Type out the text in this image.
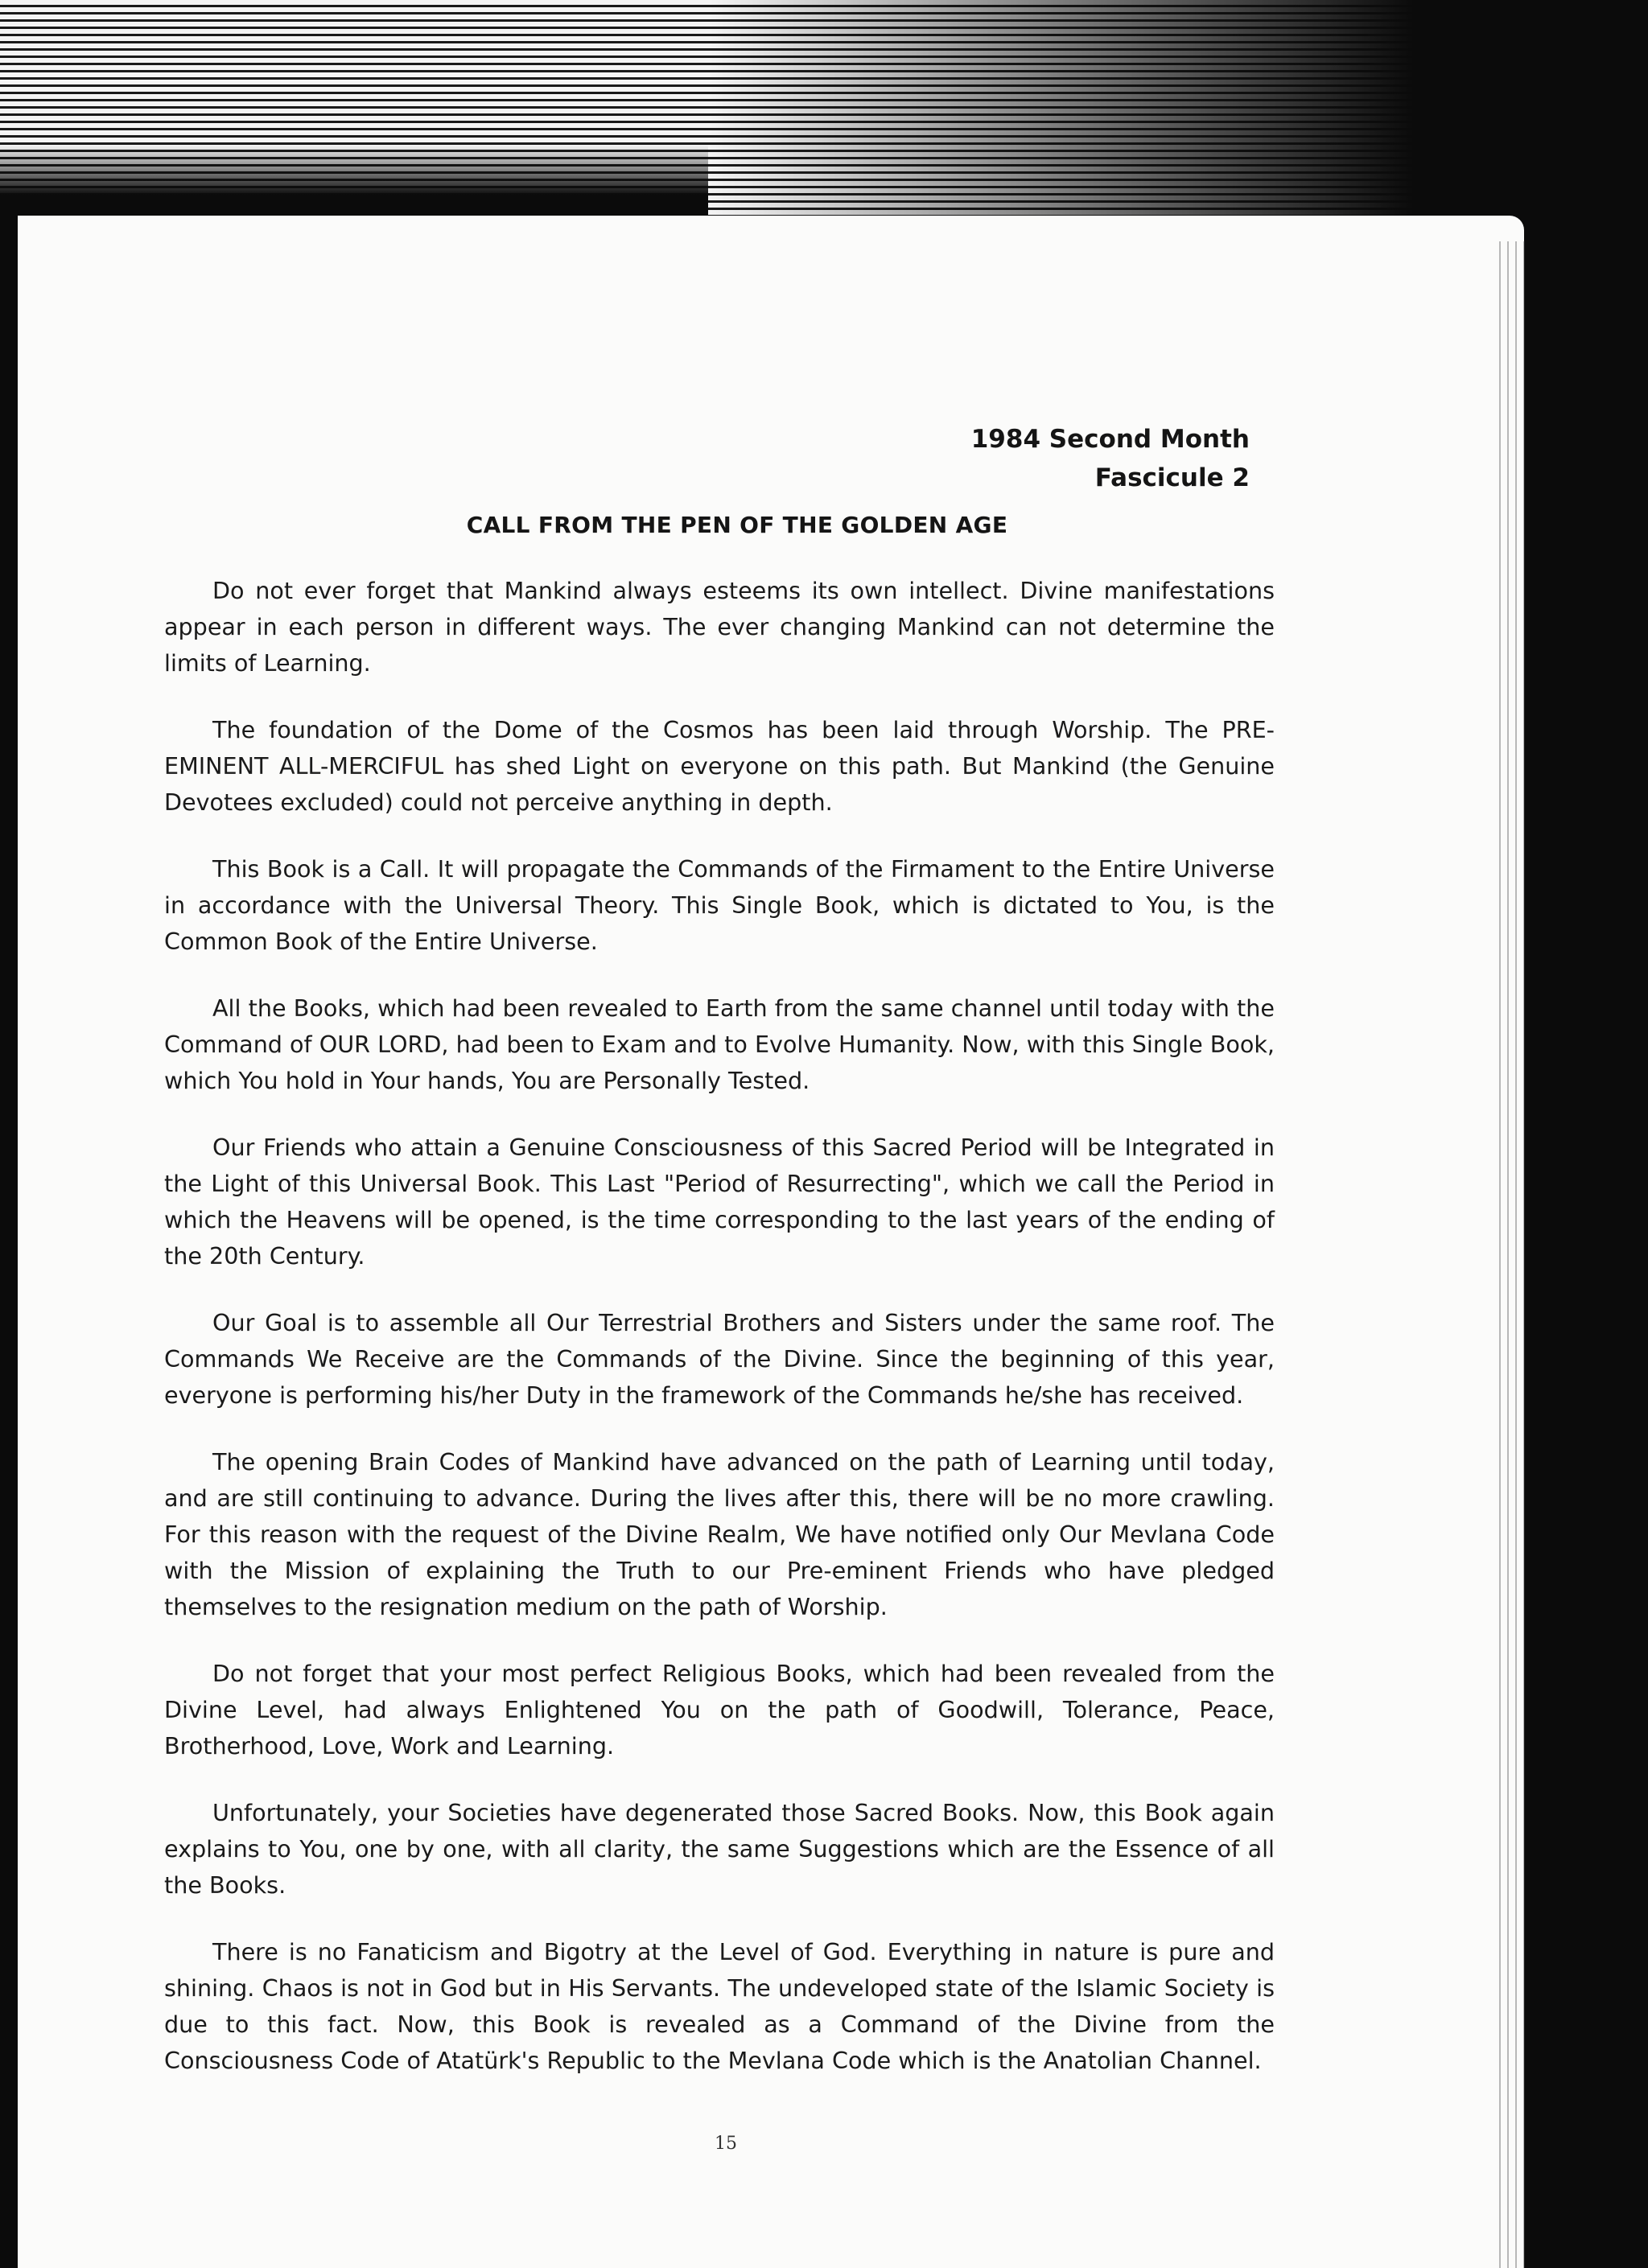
1984 Second Month
Fascicule 2
CALL FROM THE PEN OF THE GOLDEN AGE

Do not ever forget that Mankind always esteems its own intellect. Divine manifestations appear in each person in different ways. The ever changing Mankind can not determine the limits of Learning.

The foundation of the Dome of the Cosmos has been laid through Worship. The PRE-EMINENT ALL-MERCIFUL has shed Light on everyone on this path. But Mankind (the Genuine Devotees excluded) could not perceive anything in depth.

This Book is a Call. It will propagate the Commands of the Firmament to the Entire Universe in accordance with the Universal Theory. This Single Book, which is dictated to You, is the Common Book of the Entire Universe.

All the Books, which had been revealed to Earth from the same channel until today with the Command of OUR LORD, had been to Exam and to Evolve Humanity. Now, with this Single Book, which You hold in Your hands, You are Personally Tested.

Our Friends who attain a Genuine Consciousness of this Sacred Period will be Integrated in the Light of this Universal Book. This Last "Period of Resurrecting", which we call the Period in which the Heavens will be opened, is the time corresponding to the last years of the ending of the 20th Century.

Our Goal is to assemble all Our Terrestrial Brothers and Sisters under the same roof. The Commands We Receive are the Commands of the Divine. Since the beginning of this year, everyone is performing his/her Duty in the framework of the Commands he/she has received.

The opening Brain Codes of Mankind have advanced on the path of Learning until today, and are still continuing to advance. During the lives after this, there will be no more crawling. For this reason with the request of the Divine Realm, We have notified only Our Mevlana Code with the Mission of explaining the Truth to our Pre-eminent Friends who have pledged themselves to the resignation medium on the path of Worship.

Do not forget that your most perfect Religious Books, which had been revealed from the Divine Level, had always Enlightened You on the path of Goodwill, Tolerance, Peace, Brotherhood, Love, Work and Learning.

Unfortunately, your Societies have degenerated those Sacred Books. Now, this Book again explains to You, one by one, with all clarity, the same Suggestions which are the Essence of all the Books.

There is no Fanaticism and Bigotry at the Level of God. Everything in nature is pure and shining. Chaos is not in God but in His Servants. The undeveloped state of the Islamic Society is due to this fact. Now, this Book is revealed as a Command of the Divine from the Consciousness Code of Atatürk's Republic to the Mevlana Code which is the Anatolian Channel.

15
